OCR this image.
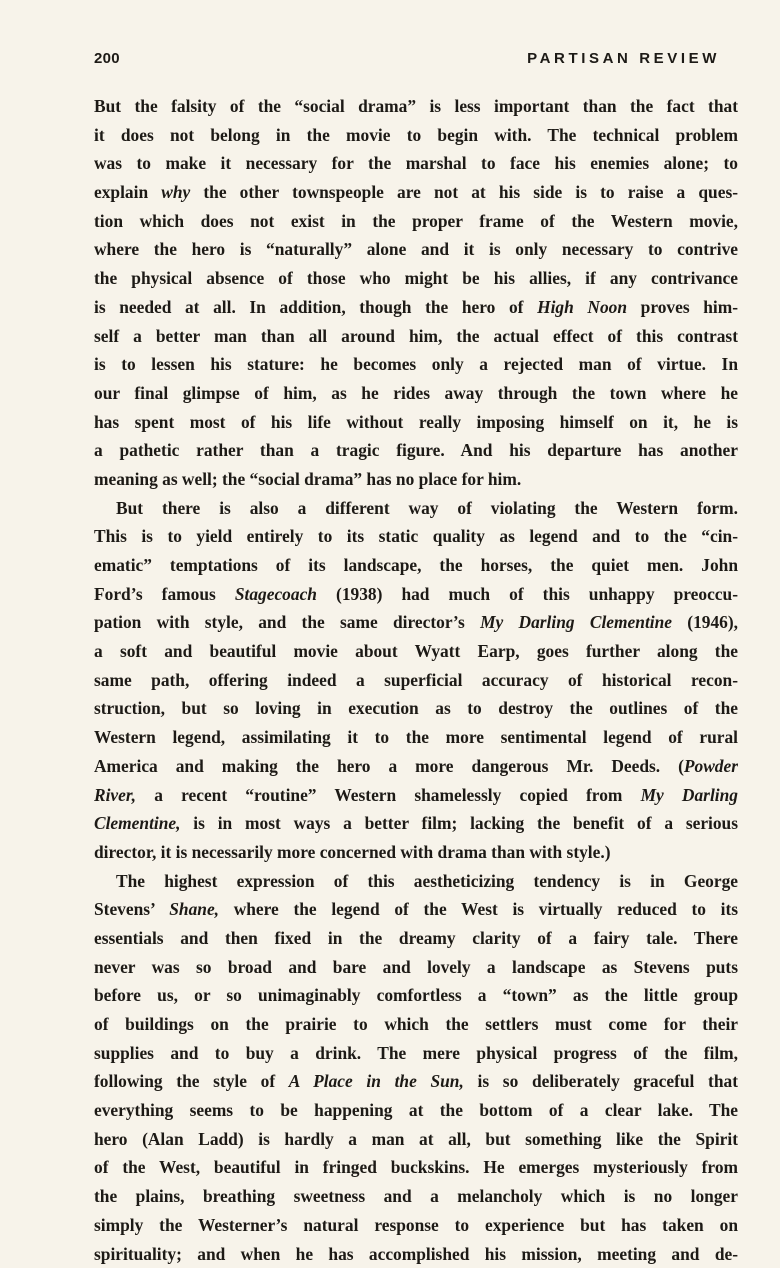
200	PARTISAN REVIEW
But the falsity of the “social drama” is less important than the fact that
it does not belong in the movie to begin with. The technical problem
was to make it necessary for the marshal to face his enemies alone; to
explain why the other townspeople are not at his side is to raise a ques-
tion which does not exist in the proper frame of the Western movie,
where the hero is “naturally” alone and it is only necessary to contrive
the physical absence of those who might be his allies, if any contrivance
is needed at all. In addition, though the hero of High Noon proves him-
self a better man than all around him, the actual effect of this contrast
is to lessen his stature: he becomes only a rejected man of virtue. In
our final glimpse of him, as he rides away through the town where he
has spent most of his life without really imposing himself on it, he is
a pathetic rather than a tragic figure. And his departure has another
meaning as well; the “social drama” has no place for him.
But there is also a different way of violating the Western form.
This is to yield entirely to its static quality as legend and to the “cin-
ematic” temptations of its landscape, the horses, the quiet men. John
Ford’s famous Stagecoach (1938) had much of this unhappy preoccu-
pation with style, and the same director’s My Darling Clementine (1946),
a soft and beautiful movie about Wyatt Earp, goes further along the
same path, offering indeed a superficial accuracy of historical recon-
struction, but so loving in execution as to destroy the outlines of the
Western legend, assimilating it to the more sentimental legend of rural
America and making the hero a more dangerous Mr. Deeds. (Powder
River, a recent “routine” Western shamelessly copied from My Darling
Clementine, is in most ways a better film; lacking the benefit of a serious
director, it is necessarily more concerned with drama than with style.)
The highest expression of this aestheticizing tendency is in George
Stevens’ Shane, where the legend of the West is virtually reduced to its
essentials and then fixed in the dreamy clarity of a fairy tale. There
never was so broad and bare and lovely a landscape as Stevens puts
before us, or so unimaginably comfortless a “town” as the little group
of buildings on the prairie to which the settlers must come for their
supplies and to buy a drink. The mere physical progress of the film,
following the style of A Place in the Sun, is so deliberately graceful that
everything seems to be happening at the bottom of a clear lake. The
hero (Alan Ladd) is hardly a man at all, but something like the Spirit
of the West, beautiful in fringed buckskins. He emerges mysteriously from
the plains, breathing sweetness and a melancholy which is no longer
simply the Westerner’s natural response to experience but has taken on
spirituality; and when he has accomplished his mission, meeting and de-
